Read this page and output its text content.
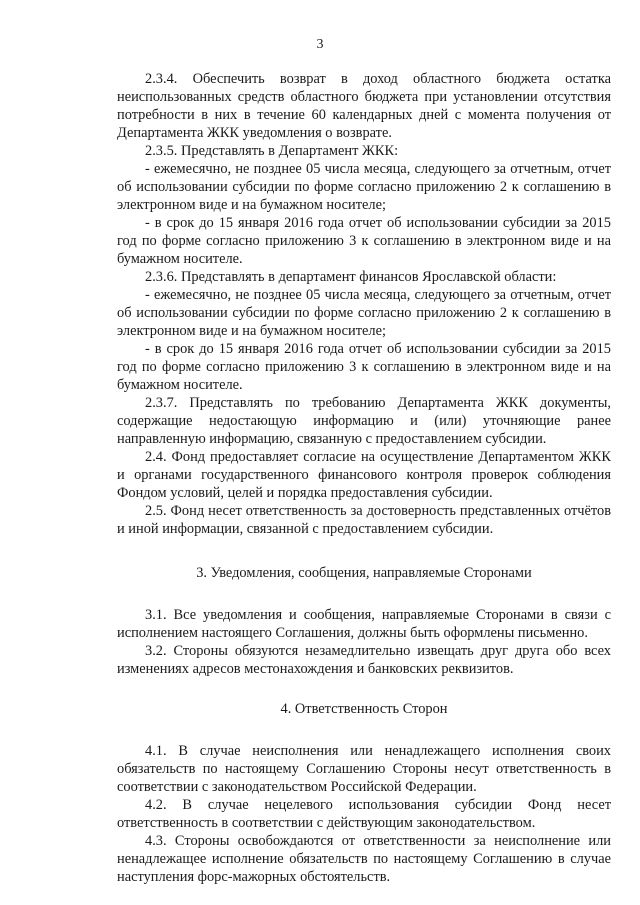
3

2.3.4. Обеспечить возврат в доход областного бюджета остатка неиспользованных средств областного бюджета при установлении отсутствия потребности в них в течение 60 календарных дней с момента получения от Департамента ЖКК уведомления о возврате.

2.3.5. Представлять в Департамент ЖКК:

- ежемесячно, не позднее 05 числа месяца, следующего за отчетным, отчет об использовании субсидии по форме согласно приложению 2 к соглашению в электронном виде и на бумажном носителе;

- в срок до 15 января 2016 года отчет об использовании субсидии за 2015 год по форме согласно приложению 3 к соглашению в электронном виде и на бумажном носителе.

2.3.6. Представлять в департамент финансов Ярославской области:

- ежемесячно, не позднее 05 числа месяца, следующего за отчетным, отчет об использовании субсидии по форме согласно приложению 2 к соглашению в электронном виде и на бумажном носителе;

- в срок до 15 января 2016 года отчет об использовании субсидии за 2015 год по форме согласно приложению 3 к соглашению в электронном виде и на бумажном носителе.

2.3.7. Представлять по требованию Департамента ЖКК документы, содержащие недостающую информацию и (или) уточняющие ранее направленную информацию, связанную с предоставлением субсидии.

2.4. Фонд предоставляет согласие на осуществление Департаментом ЖКК и органами государственного финансового контроля проверок соблюдения Фондом условий, целей и порядка предоставления субсидии.

2.5. Фонд несет ответственность за достоверность представленных отчётов и иной информации, связанной с предоставлением субсидии.

3. Уведомления, сообщения, направляемые Сторонами

3.1. Все уведомления и сообщения, направляемые Сторонами в связи с исполнением настоящего Соглашения, должны быть оформлены письменно.

3.2. Стороны обязуются незамедлительно извещать друг друга обо всех изменениях адресов местонахождения и банковских реквизитов.

4. Ответственность Сторон

4.1. В случае неисполнения или ненадлежащего исполнения своих обязательств по настоящему Соглашению Стороны несут ответственность в соответствии с законодательством Российской Федерации.

4.2. В случае нецелевого использования субсидии Фонд несет ответственность в соответствии с действующим законодательством.

4.3. Стороны освобождаются от ответственности за неисполнение или ненадлежащее исполнение обязательств по настоящему Соглашению в случае наступления форс-мажорных обстоятельств.
